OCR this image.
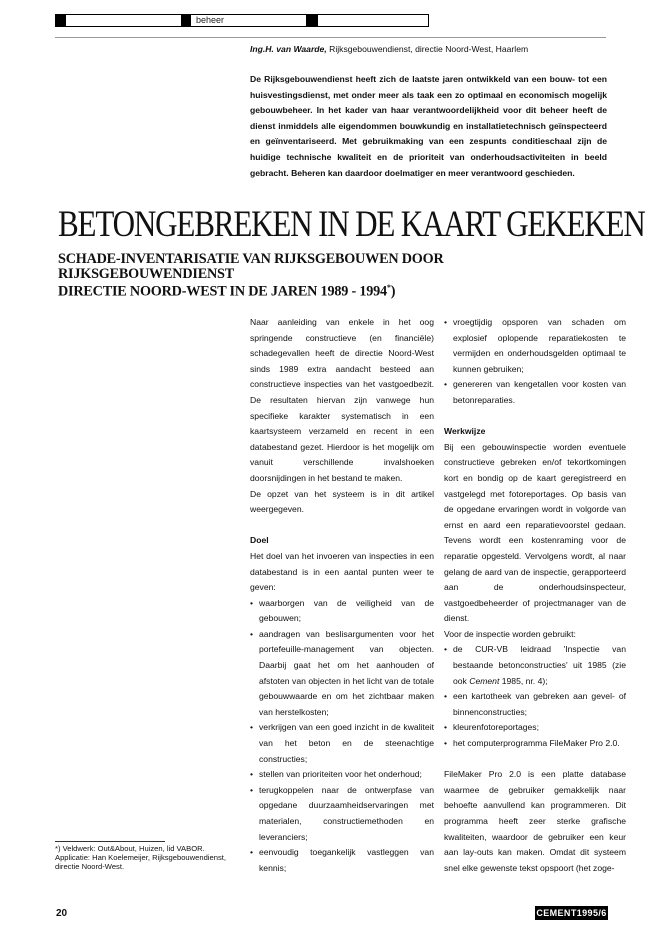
beheer
Ing.H. van Waarde, Rijksgebouwendienst, directie Noord-West, Haarlem
De Rijksgebouwendienst heeft zich de laatste jaren ontwikkeld van een bouw- tot een huisvestingsdienst, met onder meer als taak een zo optimaal en economisch mogelijk gebouwbeheer. In het kader van haar verantwoordelijkheid voor dit beheer heeft de dienst inmiddels alle eigendommen bouwkundig en installatietechnisch geïnspecteerd en geïnventariseerd. Met gebruikmaking van een zespunts conditieschaal zijn de huidige technische kwaliteit en de prioriteit van onderhoudsactiviteiten in beeld gebracht. Beheren kan daardoor doelmatiger en meer verantwoord geschieden.
BETONGEBREKEN IN DE KAART GEKEKEN
SCHADE-INVENTARISATIE VAN RIJKSGEBOUWEN DOOR RIJKSGEBOUWENDIENST
DIRECTIE NOORD-WEST IN DE JAREN 1989 - 1994*)

Naar aanleiding van enkele in het oog springende constructieve (en financiële) schadegevallen heeft de directie Noord-West sinds 1989 extra aandacht besteed aan constructieve inspecties van het vastgoedbezit. De resultaten hiervan zijn vanwege hun specifieke karakter systematisch in een kaartsysteem verzameld en recent in een databestand gezet. Hierdoor is het mogelijk om vanuit verschillende invalshoeken doorsnijdingen in het bestand te maken.

De opzet van het systeem is in dit artikel weergegeven.

Doel

Het doel van het invoeren van inspecties in een databestand is in een aantal punten weer te geven:

• waarborgen van de veiligheid van de gebouwen;
• aandragen van beslisargumenten voor het portefeuille-management van objecten. Daarbij gaat het om het aanhouden of afstoten van objecten in het licht van de totale gebouwwaarde en om het zichtbaar maken van herstelkosten;
• verkrijgen van een goed inzicht in de kwaliteit van het beton en de steenachtige constructies;
• stellen van prioriteiten voor het onderhoud;
• terugkoppelen naar de ontwerpfase van opgedane duurzaamheidservaringen met materialen, constructiemethoden en leveranciers;
• eenvoudig toegankelijk vastleggen van kennis;
• vroegtijdig opsporen van schaden om explosief oplopende reparatiekosten te vermijden en onderhoudsgelden optimaal te kunnen gebruiken;
• genereren van kengetallen voor kosten van betonreparaties.
Werkwijze

Bij een gebouwinspectie worden eventuele constructieve gebreken en/of tekortkomingen kort en bondig op de kaart geregistreerd en vastgelegd met fotoreportages. Op basis van de opgedane ervaringen wordt in volgorde van ernst en aard een reparatievoorstel gedaan. Tevens wordt een kostenraming voor de reparatie opgesteld. Vervolgens wordt, al naar gelang de aard van de inspectie, gerapporteerd aan de onderhoudsinspecteur, vastgoedbeheerder of projectmanager van de dienst.

Voor de inspectie worden gebruikt:

• de CUR-VB leidraad 'Inspectie van bestaande betonconstructies' uit 1985 (zie ook Cement 1985, nr. 4);
• een kartotheek van gebreken aan gevel- of binnenconstructies;
• kleurenfotoreportages;
• het computerprogramma FileMaker Pro 2.0.

FileMaker Pro 2.0 is een platte database waarmee de gebruiker gemakkelijk naar behoefte aanvullend kan programmeren. Dit programma heeft zeer sterke grafische kwaliteiten, waardoor de gebruiker een keur aan lay-outs kan maken. Omdat dit systeem snel elke gewenste tekst opspoort (het zoge-

*) Veldwerk: Out&About, Huizen, lid VABOR.
Applicatie: Han Koelemeijer, Rijksgebouwendienst, directie Noord-West.
20	CEMENT1995/6
